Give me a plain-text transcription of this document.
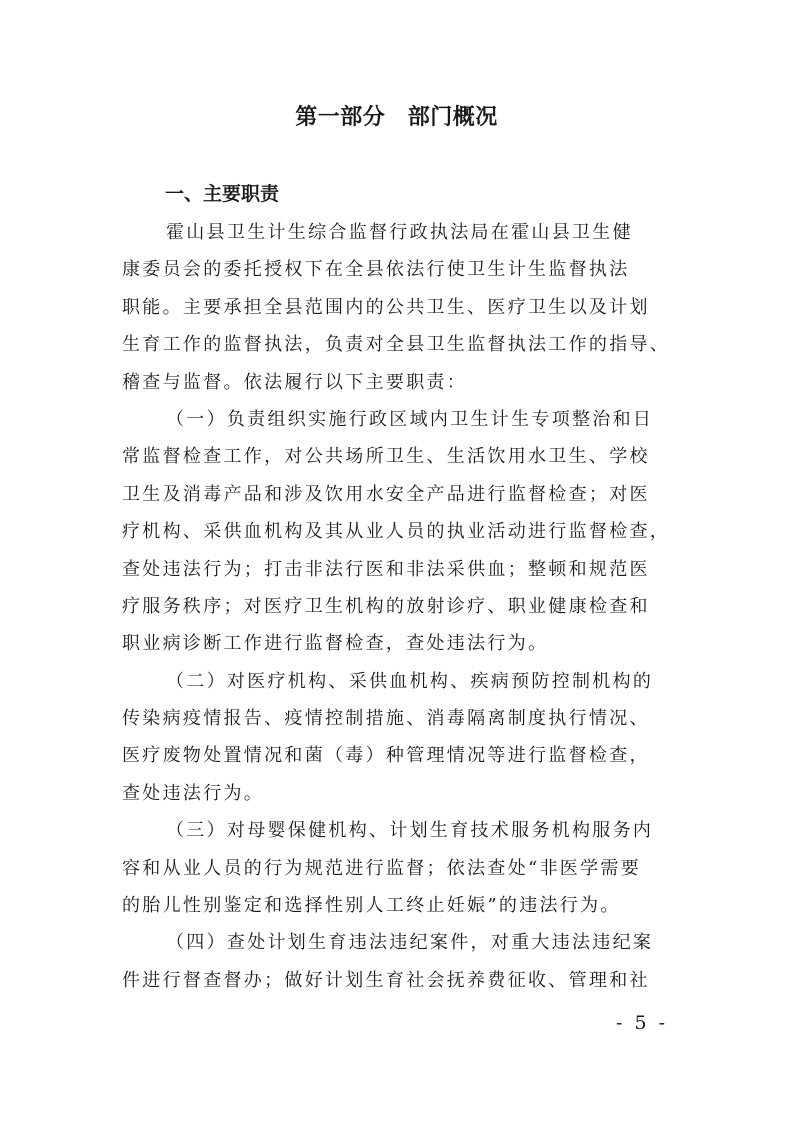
第一部分　部门概况
一、主要职责
霍山县卫生计生综合监督行政执法局在霍山县卫生健
康委员会的委托授权下在全县依法行使卫生计生监督执法
职能。主要承担全县范围内的公共卫生、医疗卫生以及计划
生育工作的监督执法，负责对全县卫生监督执法工作的指导、
稽查与监督。依法履行以下主要职责：
（一）负责组织实施行政区域内卫生计生专项整治和日
常监督检查工作，对公共场所卫生、生活饮用水卫生、学校
卫生及消毒产品和涉及饮用水安全产品进行监督检查；对医
疗机构、采供血机构及其从业人员的执业活动进行监督检查，
查处违法行为；打击非法行医和非法采供血；整顿和规范医
疗服务秩序；对医疗卫生机构的放射诊疗、职业健康检查和
职业病诊断工作进行监督检查，查处违法行为。
（二）对医疗机构、采供血机构、疾病预防控制机构的
传染病疫情报告、疫情控制措施、消毒隔离制度执行情况、
医疗废物处置情况和菌（毒）种管理情况等进行监督检查，
查处违法行为。
（三）对母婴保健机构、计划生育技术服务机构服务内
容和从业人员的行为规范进行监督；依法查处“非医学需要
的胎儿性别鉴定和选择性别人工终止妊娠”的违法行为。
（四）查处计划生育违法违纪案件，对重大违法违纪案
件进行督查督办；做好计划生育社会抚养费征收、管理和社
- 5 -
